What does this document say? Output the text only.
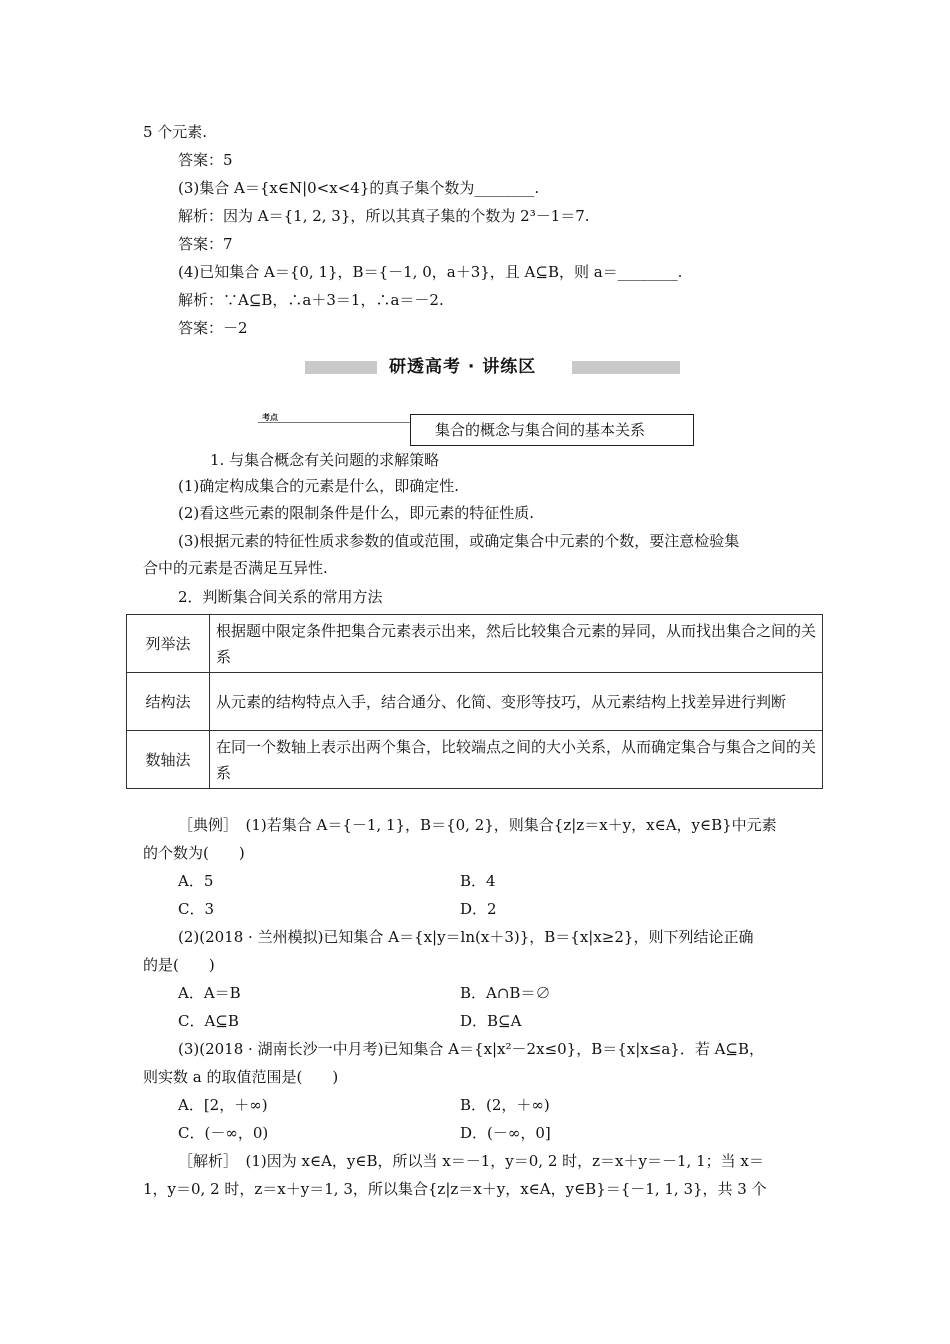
5 个元素.
答案：5
(3)集合 A＝{x∈N|0<x<4}的真子集个数为________.
解析：因为 A＝{1, 2, 3}，所以其真子集的个数为 2³－1＝7.
答案：7
(4)已知集合 A＝{0, 1}，B＝{－1, 0，a＋3}，且 A⊆B，则 a＝________.
解析：∵A⊆B，∴a＋3＝1，∴a＝－2.
答案：－2
研透高考 · 讲练区
考点
集合的概念与集合间的基本关系
1. 与集合概念有关问题的求解策略
(1)确定构成集合的元素是什么，即确定性.
(2)看这些元素的限制条件是什么，即元素的特征性质.
(3)根据元素的特征性质求参数的值或范围，或确定集合中元素的个数，要注意检验集
合中的元素是否满足互异性.
2．判断集合间关系的常用方法
列举法	根据题中限定条件把集合元素表示出来，然后比较集合元素的异同，从而找出集合之间的关系
结构法	从元素的结构特点入手，结合通分、化简、变形等技巧，从元素结构上找差异进行判断
数轴法	在同一个数轴上表示出两个集合，比较端点之间的大小关系，从而确定集合与集合之间的关系
［典例］　(1)若集合 A＝{－1, 1}，B＝{0, 2}，则集合{z|z＝x＋y，x∈A，y∈B}中元素
的个数为(　　)
A．5	B．4
C．3	D．2
(2)(2018 · 兰州模拟)已知集合 A＝{x|y＝ln(x＋3)}，B＝{x|x≥2}，则下列结论正确
的是(　　)
A．A＝B	B．A∩B＝∅
C．A⊆B	D．B⊆A
(3)(2018 · 湖南长沙一中月考)已知集合 A＝{x|x²－2x≤0}，B＝{x|x≤a}．若 A⊆B，
则实数 a 的取值范围是(　　)
A．[2，＋∞)	B．(2，＋∞)
C．(－∞，0)	D．(－∞，0]
［解析］　(1)因为 x∈A，y∈B，所以当 x＝－1，y＝0, 2 时，z＝x＋y＝－1, 1；当 x＝
1，y＝0, 2 时，z＝x＋y＝1, 3，所以集合{z|z＝x＋y，x∈A，y∈B}＝{－1, 1, 3}，共 3 个
